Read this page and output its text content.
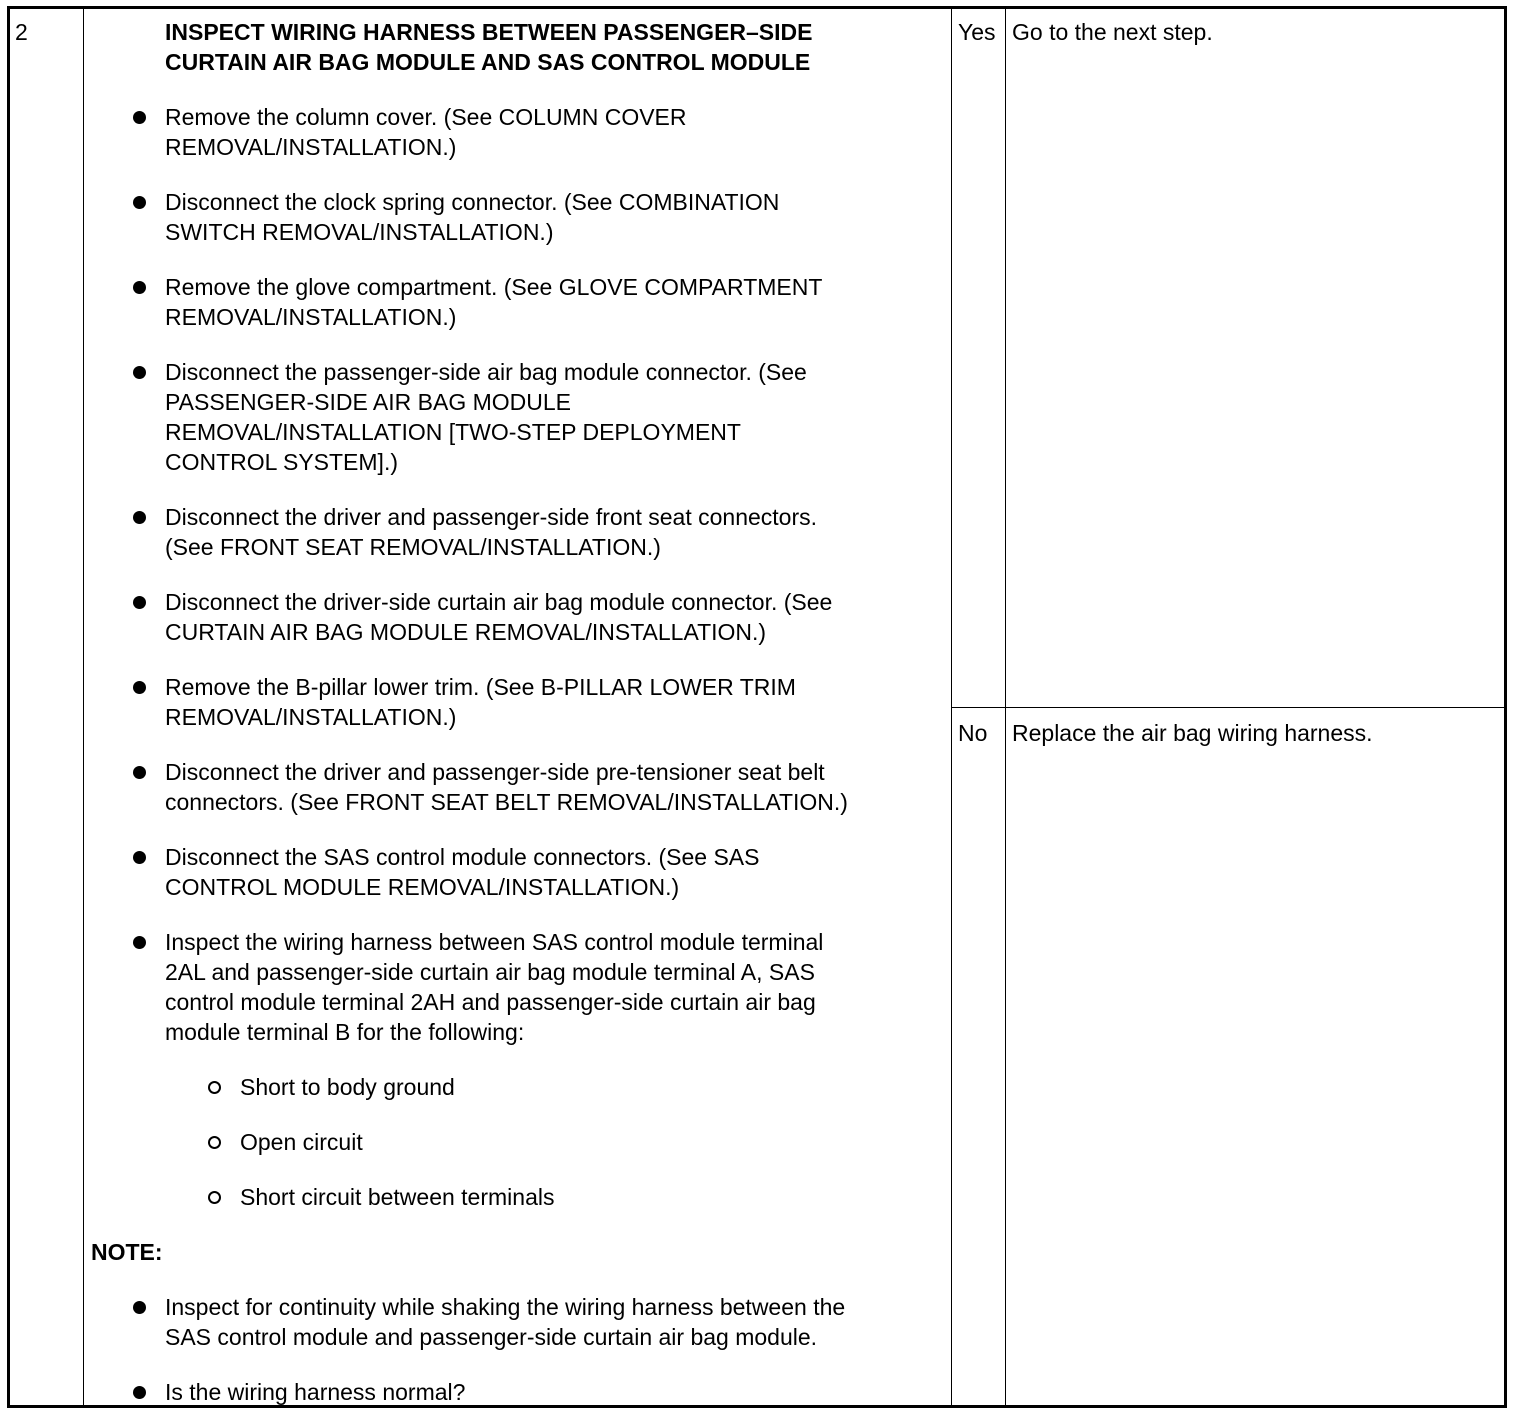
2	Yes Go to the next step.
No Replace the air bag wiring harness.
INSPECT WIRING HARNESS BETWEEN PASSENGER–SIDE
CURTAIN AIR BAG MODULE AND SAS CONTROL MODULE
Remove the column cover. (See COLUMN COVER
REMOVAL/INSTALLATION.)
Disconnect the clock spring connector. (See COMBINATION
SWITCH REMOVAL/INSTALLATION.)
Remove the glove compartment. (See GLOVE COMPARTMENT
REMOVAL/INSTALLATION.)
Disconnect the passenger-side air bag module connector. (See
PASSENGER-SIDE AIR BAG MODULE
REMOVAL/INSTALLATION [TWO-STEP DEPLOYMENT
CONTROL SYSTEM].)
Disconnect the driver and passenger-side front seat connectors.
(See FRONT SEAT REMOVAL/INSTALLATION.)
Disconnect the driver-side curtain air bag module connector. (See
CURTAIN AIR BAG MODULE REMOVAL/INSTALLATION.)
Remove the B-pillar lower trim. (See B-PILLAR LOWER TRIM
REMOVAL/INSTALLATION.)
Disconnect the driver and passenger-side pre-tensioner seat belt
connectors. (See FRONT SEAT BELT REMOVAL/INSTALLATION.)
Disconnect the SAS control module connectors. (See SAS
CONTROL MODULE REMOVAL/INSTALLATION.)
Inspect the wiring harness between SAS control module terminal
2AL and passenger-side curtain air bag module terminal A, SAS
control module terminal 2AH and passenger-side curtain air bag
module terminal B for the following:
Short to body ground
Open circuit
Short circuit between terminals
NOTE:
Inspect for continuity while shaking the wiring harness between the
SAS control module and passenger-side curtain air bag module.
Is the wiring harness normal?
